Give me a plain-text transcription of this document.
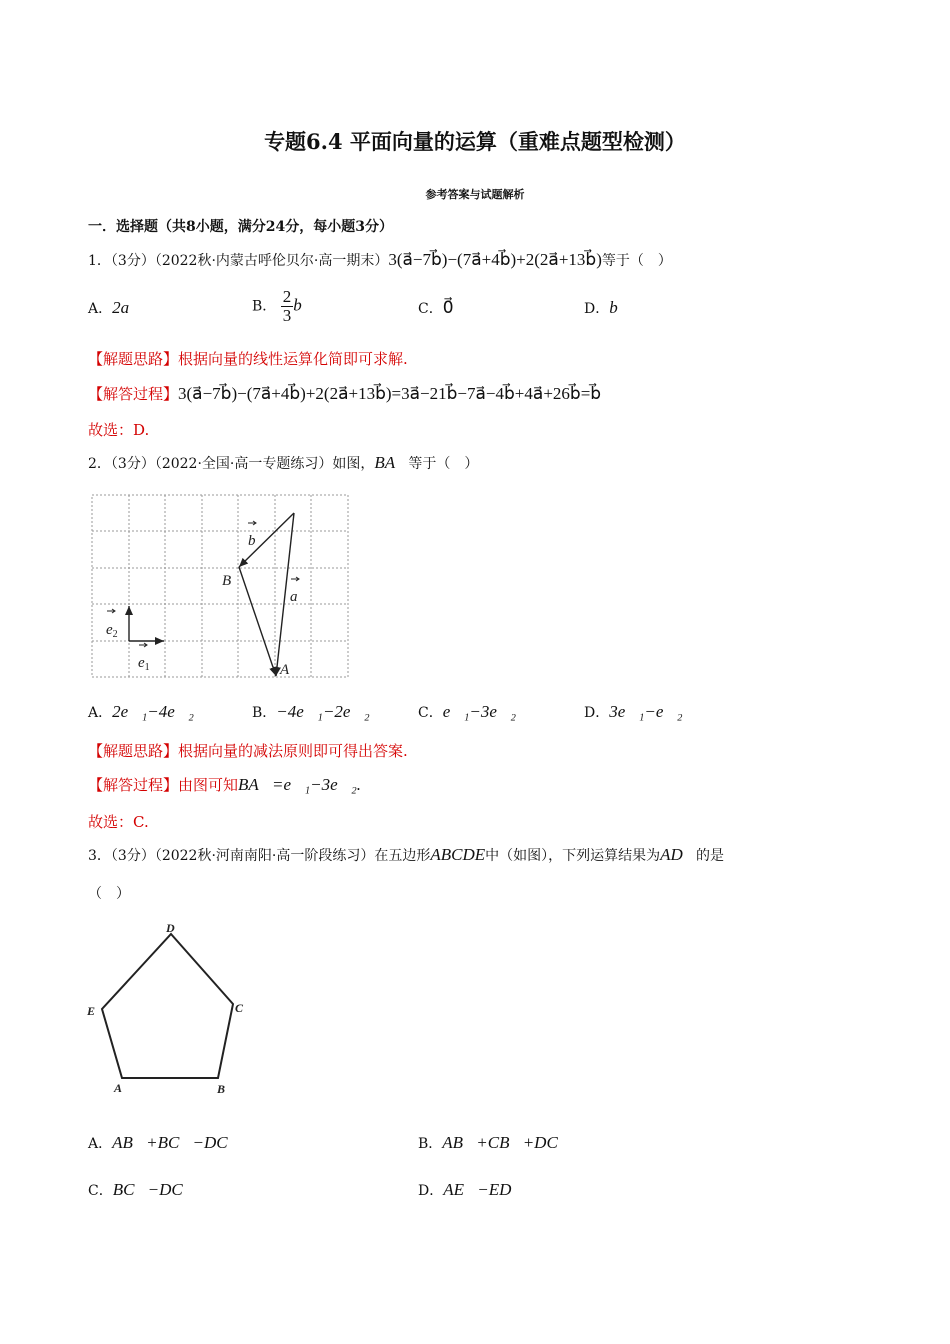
专题6.4 平面向量的运算（重难点题型检测）
参考答案与试题解析
一．选择题（共8小题，满分24分，每小题3分）
1．（3分）（2022秋·内蒙古呼伦贝尔·高一期末）3(a⃗−7b⃗)−(7a⃗+4b⃗)+2(2a⃗+13b⃗)等于（　）
A．2a⃗	B． $\frac{2}{3}$ b⃗	C．0⃗	D．b⃗
【解题思路】根据向量的线性运算化简即可求解.
【解答过程】3(a⃗−7b⃗)−(7a⃗+4b⃗)+2(2a⃗+13b⃗)=3a⃗−21b⃗−7a⃗−4b⃗+4a⃗+26b⃗=b⃗
故选：D.
2．（3分）（2022·全国·高一专题练习）如图，BA⃗等于（　）
B
A
a
b
$e_2$
$e_1$
A．2e⃗₁−4e⃗₂	B．−4e⃗₁−2e⃗₂	C．e⃗₁−3e⃗₂	D．3e⃗₁−e⃗₂
【解题思路】根据向量的减法原则即可得出答案.
【解答过程】由图可知BA⃗=e⃗₁−3e⃗₂.
故选：C.
3．（3分）（2022秋·河南南阳·高一阶段练习）在五边形ABCDE中（如图），下列运算结果为AD⃗的是
（　）
D
C
B
A
E
A．AB⃗+BC⃗−DC⃗	B．AB⃗+CB⃗+DC⃗
C．BC⃗−DC⃗	D．AE⃗−ED⃗
